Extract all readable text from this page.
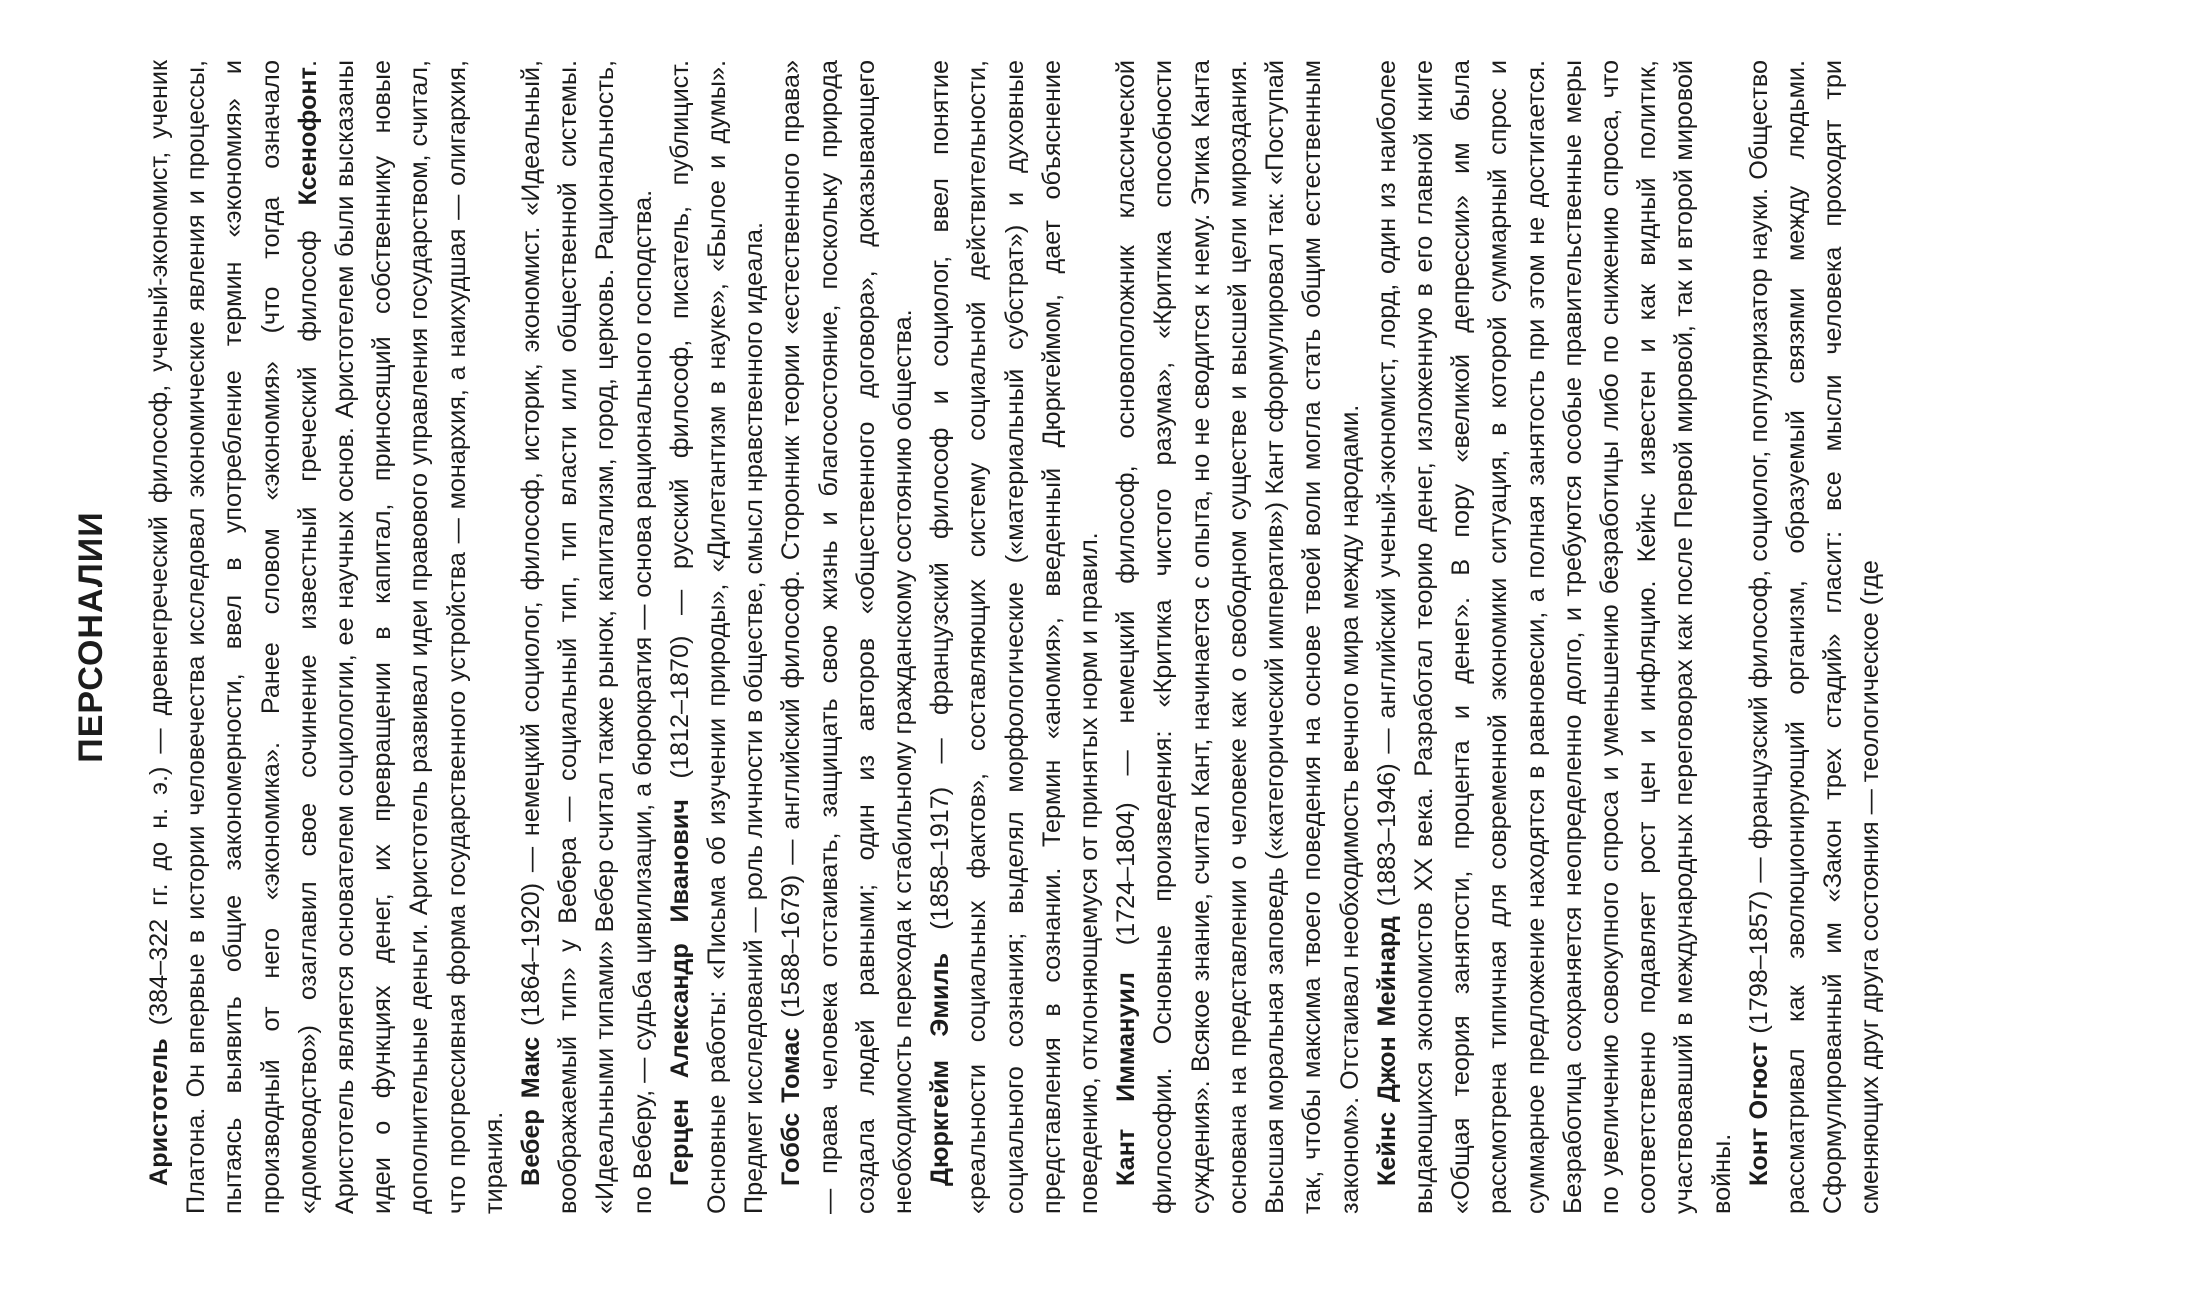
ПЕРСОНАЛИИ

Аристотель (384–322 гг. до н. э.) — древнегреческий философ, ученый-экономист, ученик Платона. Он впервые в истории человечества исследовал экономические явления и процессы, пытаясь выявить общие закономерности, ввел в употребление термин «экономия» и производный от него «экономика». Ранее словом «экономия» (что тогда означало «домоводство») озаглавил свое сочинение известный греческий философ Ксенофонт. Аристотель является основателем социологии, ее научных основ. Аристотелем были высказаны идеи о функциях денег, их превращении в капитал, приносящий собственнику новые дополнительные деньги. Аристотель развивал идеи правового управления государством, считал, что прогрессивная форма государственного устройства — монархия, а наихудшая — олигархия, тирания. Вебер Макс (1864–1920) — немецкий социолог, философ, историк, экономист. «Идеальный, воображаемый тип» у Вебера — социальный тип, тип власти или общественной системы. «Идеальными типами» Вебер считал также рынок, капитализм, город, церковь. Рациональность, по Веберу, — судьба цивилизации, а бюрократия — основа рационального господства. Герцен Александр Иванович (1812–1870) — русский философ, писатель, публицист. Основные работы: «Письма об изучении природы», «Дилетантизм в науке», «Былое и думы». Предмет исследований — роль личности в обществе, смысл нравственного идеала. Гоббс Томас (1588–1679) — английский философ. Сторонник теории «естественного права» — права человека отстаивать, защищать свою жизнь и благосостояние, поскольку природа создала людей равными; один из авторов «общественного договора», доказывающего необходимость перехода к стабильному гражданскому состоянию общества. Дюркгейм Эмиль (1858–1917) — французский философ и социолог, ввел понятие «реальности социальных фактов», составляющих систему социальной действительности, социального сознания; выделял морфологические («материальный субстрат») и духовные представления в сознании. Термин «аномия», введенный Дюркгеймом, дает объяснение поведению, отклоняющемуся от принятых норм и правил. Кант Иммануил (1724–1804) — немецкий философ, основоположник классической философии. Основные произведения: «Критика чистого разума», «Критика способности суждения». Всякое знание, считал Кант, начинается с опыта, но не сводится к нему. Этика Канта основана на представлении о человеке как о свободном существе и высшей цели мироздания. Высшая моральная заповедь («категорический императив») Кант сформулировал так: «Поступай так, чтобы максима твоего поведения на основе твоей воли могла стать общим естественным законом». Отстаивал необходимость вечного мира между народами. Кейнс Джон Мейнард (1883–1946) — английский ученый-экономист, лорд, один из наиболее выдающихся экономистов XX века. Разработал теорию денег, изложенную в его главной книге «Общая теория занятости, процента и денег». В пору «великой депрессии» им была рассмотрена типичная для современной экономики ситуация, в которой суммарный спрос и суммарное предложение находятся в равновесии, а полная занятость при этом не достигается. Безработица сохраняется неопределенно долго, и требуются особые правительственные меры по увеличению совокупного спроса и уменьшению безработицы либо по снижению спроса, что соответственно подавляет рост цен и инфляцию. Кейнс известен и как видный политик, участвовавший в международных переговорах как после Первой мировой, так и второй мировой войны. Конт Огюст (1798–1857) — французский философ, социолог, популяризатор науки. Общество рассматривал как эволюционирующий организм, образуемый связями между людьми. Сформулированный им «Закон трех стадий» гласит: все мысли человека проходят три сменяющих друг друга состояния — теологическое (где
